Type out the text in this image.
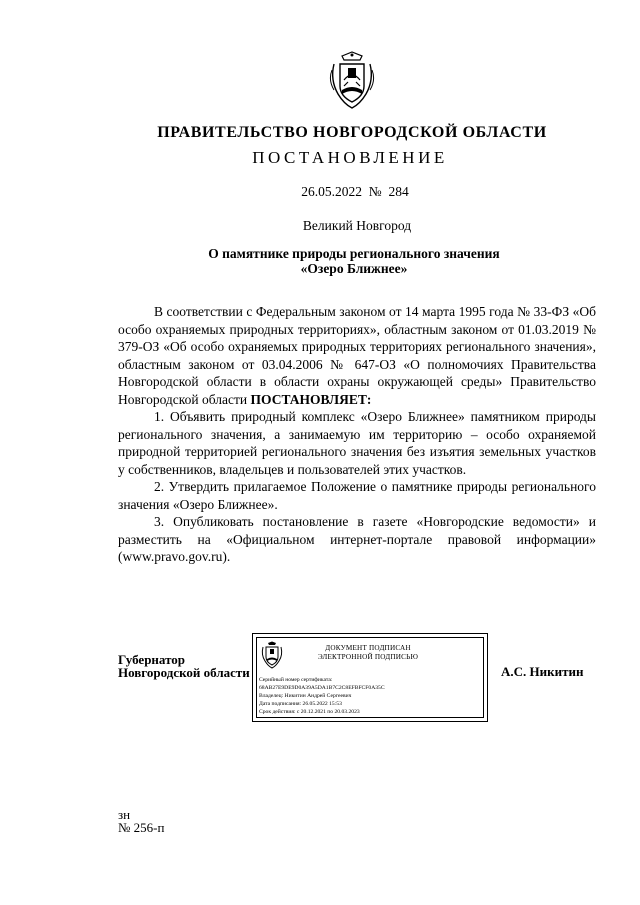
ПРАВИТЕЛЬСТВО НОВГОРОДСКОЙ ОБЛАСТИ
ПОСТАНОВЛЕНИЕ
26.05.2022 № 284
Великий Новгород
О памятнике природы регионального значения
«Озеро Ближнее»

В соответствии с Федеральным законом от 14 марта 1995 года № 33-ФЗ «Об особо охраняемых природных территориях», областным законом от 01.03.2019 № 379-ОЗ «Об особо охраняемых природных территориях регионального значения», областным законом от 03.04.2006 № 647-ОЗ «О полномочиях Правительства Новгородской области в области охраны окружающей среды» Правительство Новгородской области ПОСТАНОВЛЯЕТ:

1. Объявить природный комплекс «Озеро Ближнее» памятником природы регионального значения, а занимаемую им территорию – особо охраняемой природной территорией регионального значения без изъятия земельных участков у собственников, владельцев и пользователей этих участков.

2. Утвердить прилагаемое Положение о памятнике природы регионального значения «Озеро Ближнее».

3. Опубликовать постановление в газете «Новгородские ведомости» и разместить на «Официальном интернет-портале правовой информации» (www.pravo.gov.ru).

Губернатор
Новгородской области
ДОКУМЕНТ ПОДПИСАН
ЭЛЕКТРОННОЙ ПОДПИСЬЮ
Серийный номер сертификата:
68AB27E9DE9D0A39A5DA1B7C2C8EFBFCF0A35C
Владелец: Никитин Андрей Сергеевич
Дата подписания: 26.05.2022 15:53
Срок действия: с 20.12.2021 по 20.03.2023
А.С. Никитин
зн
№ 256-п
